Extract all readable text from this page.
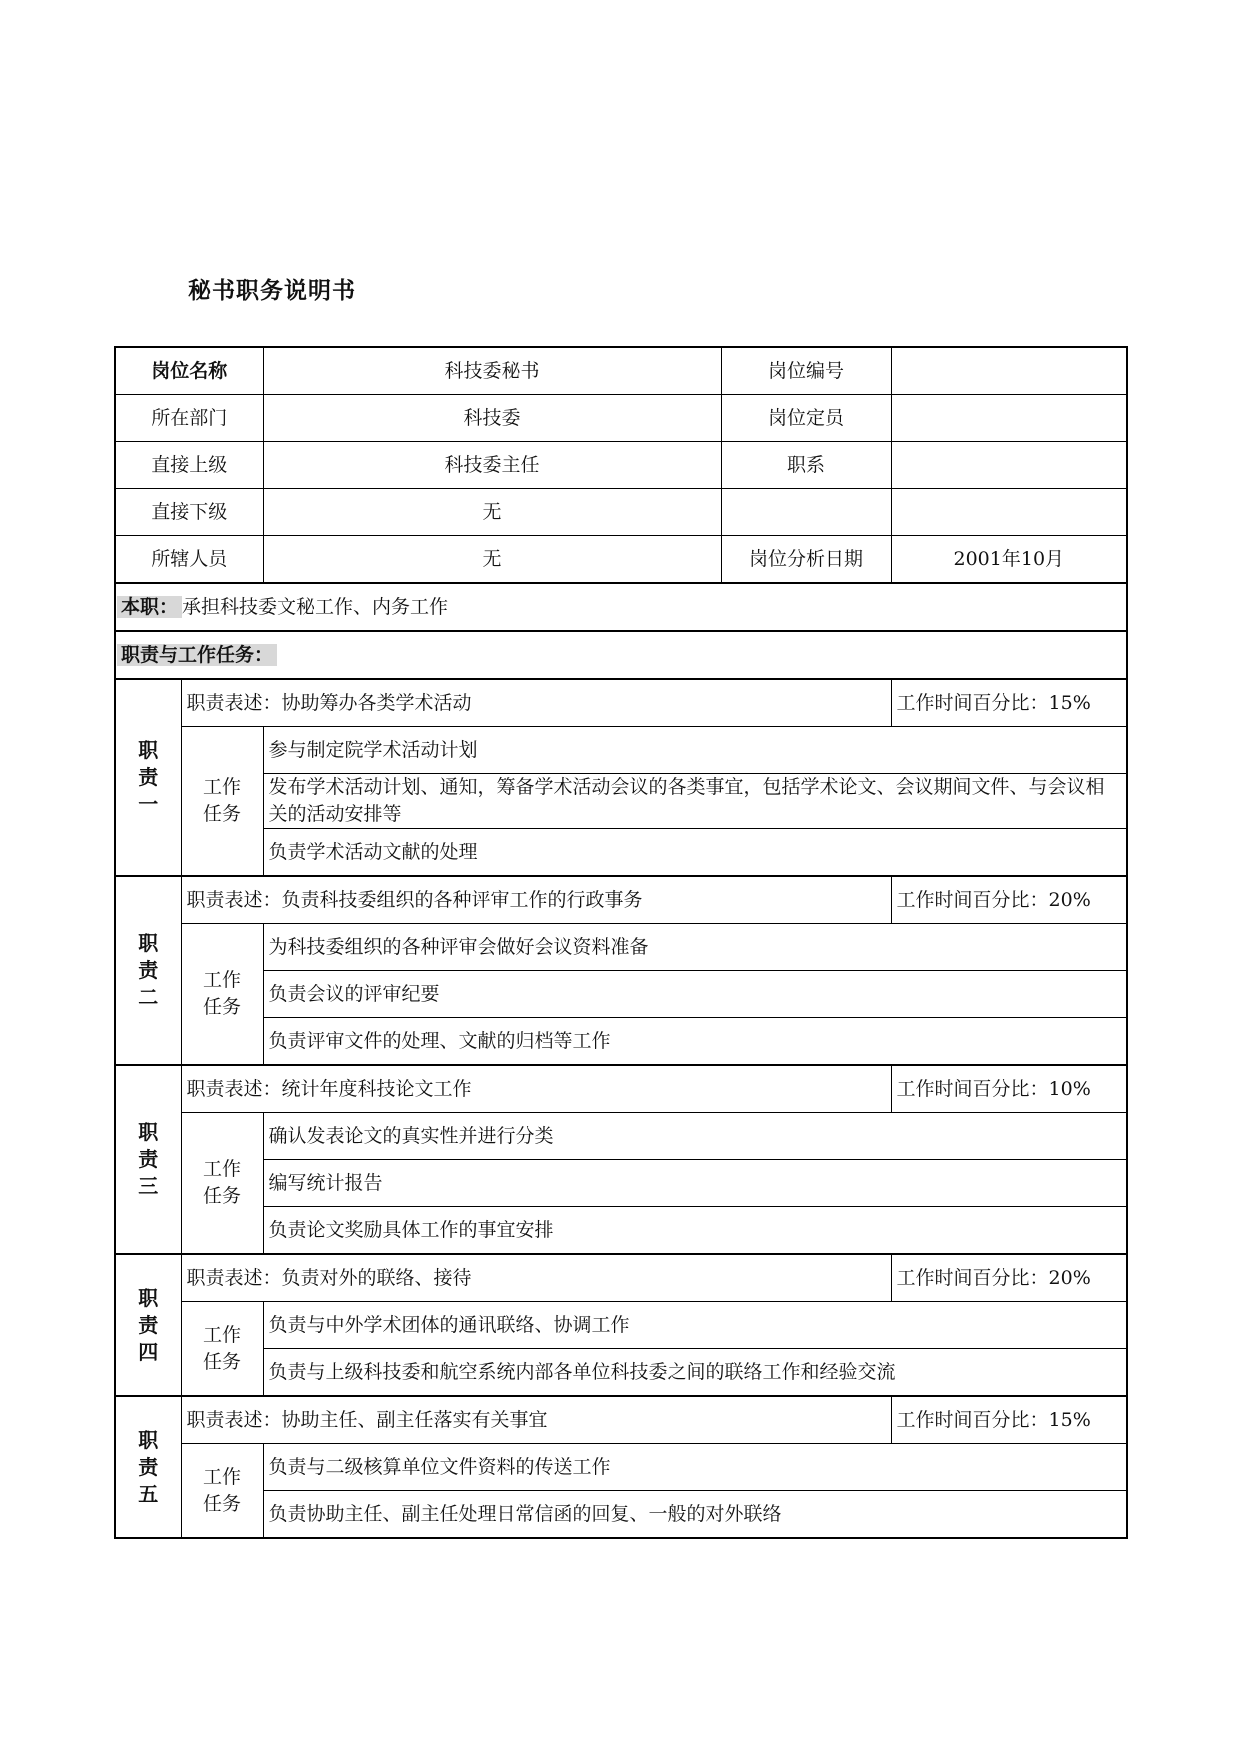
秘书职务说明书
岗位名称		科技委秘书	岗位编号	
所在部门		科技委	岗位定员	
直接上级		科技委主任	职系	
直接下级		无		
所辖人员		无	岗位分析日期	2001年10月
本职： 承担科技委文秘工作、内务工作				
职责与工作任务：				
职责一	职责表述：协助筹办各类学术活动			工作时间百分比：15%
	工作任务	参与制定院学术活动计划		
		发布学术活动计划、通知，筹备学术活动会议的各类事宜，包括学术论文、会议期间文件、与会议相关的活动安排等		
		负责学术活动文献的处理		
职责二	职责表述：负责科技委组织的各种评审工作的行政事务			工作时间百分比：20%
	工作任务	为科技委组织的各种评审会做好会议资料准备		
		负责会议的评审纪要		
		负责评审文件的处理、文献的归档等工作		
职责三	职责表述：统计年度科技论文工作			工作时间百分比：10%
	工作任务	确认发表论文的真实性并进行分类		
		编写统计报告		
		负责论文奖励具体工作的事宜安排		
职责四	职责表述：负责对外的联络、接待			工作时间百分比：20%
	工作任务	负责与中外学术团体的通讯联络、协调工作		
		负责与上级科技委和航空系统内部各单位科技委之间的联络工作和经验交流		
职责五	职责表述：协助主任、副主任落实有关事宜			工作时间百分比：15%
	工作任务	负责与二级核算单位文件资料的传送工作		
		负责协助主任、副主任处理日常信函的回复、一般的对外联络		
